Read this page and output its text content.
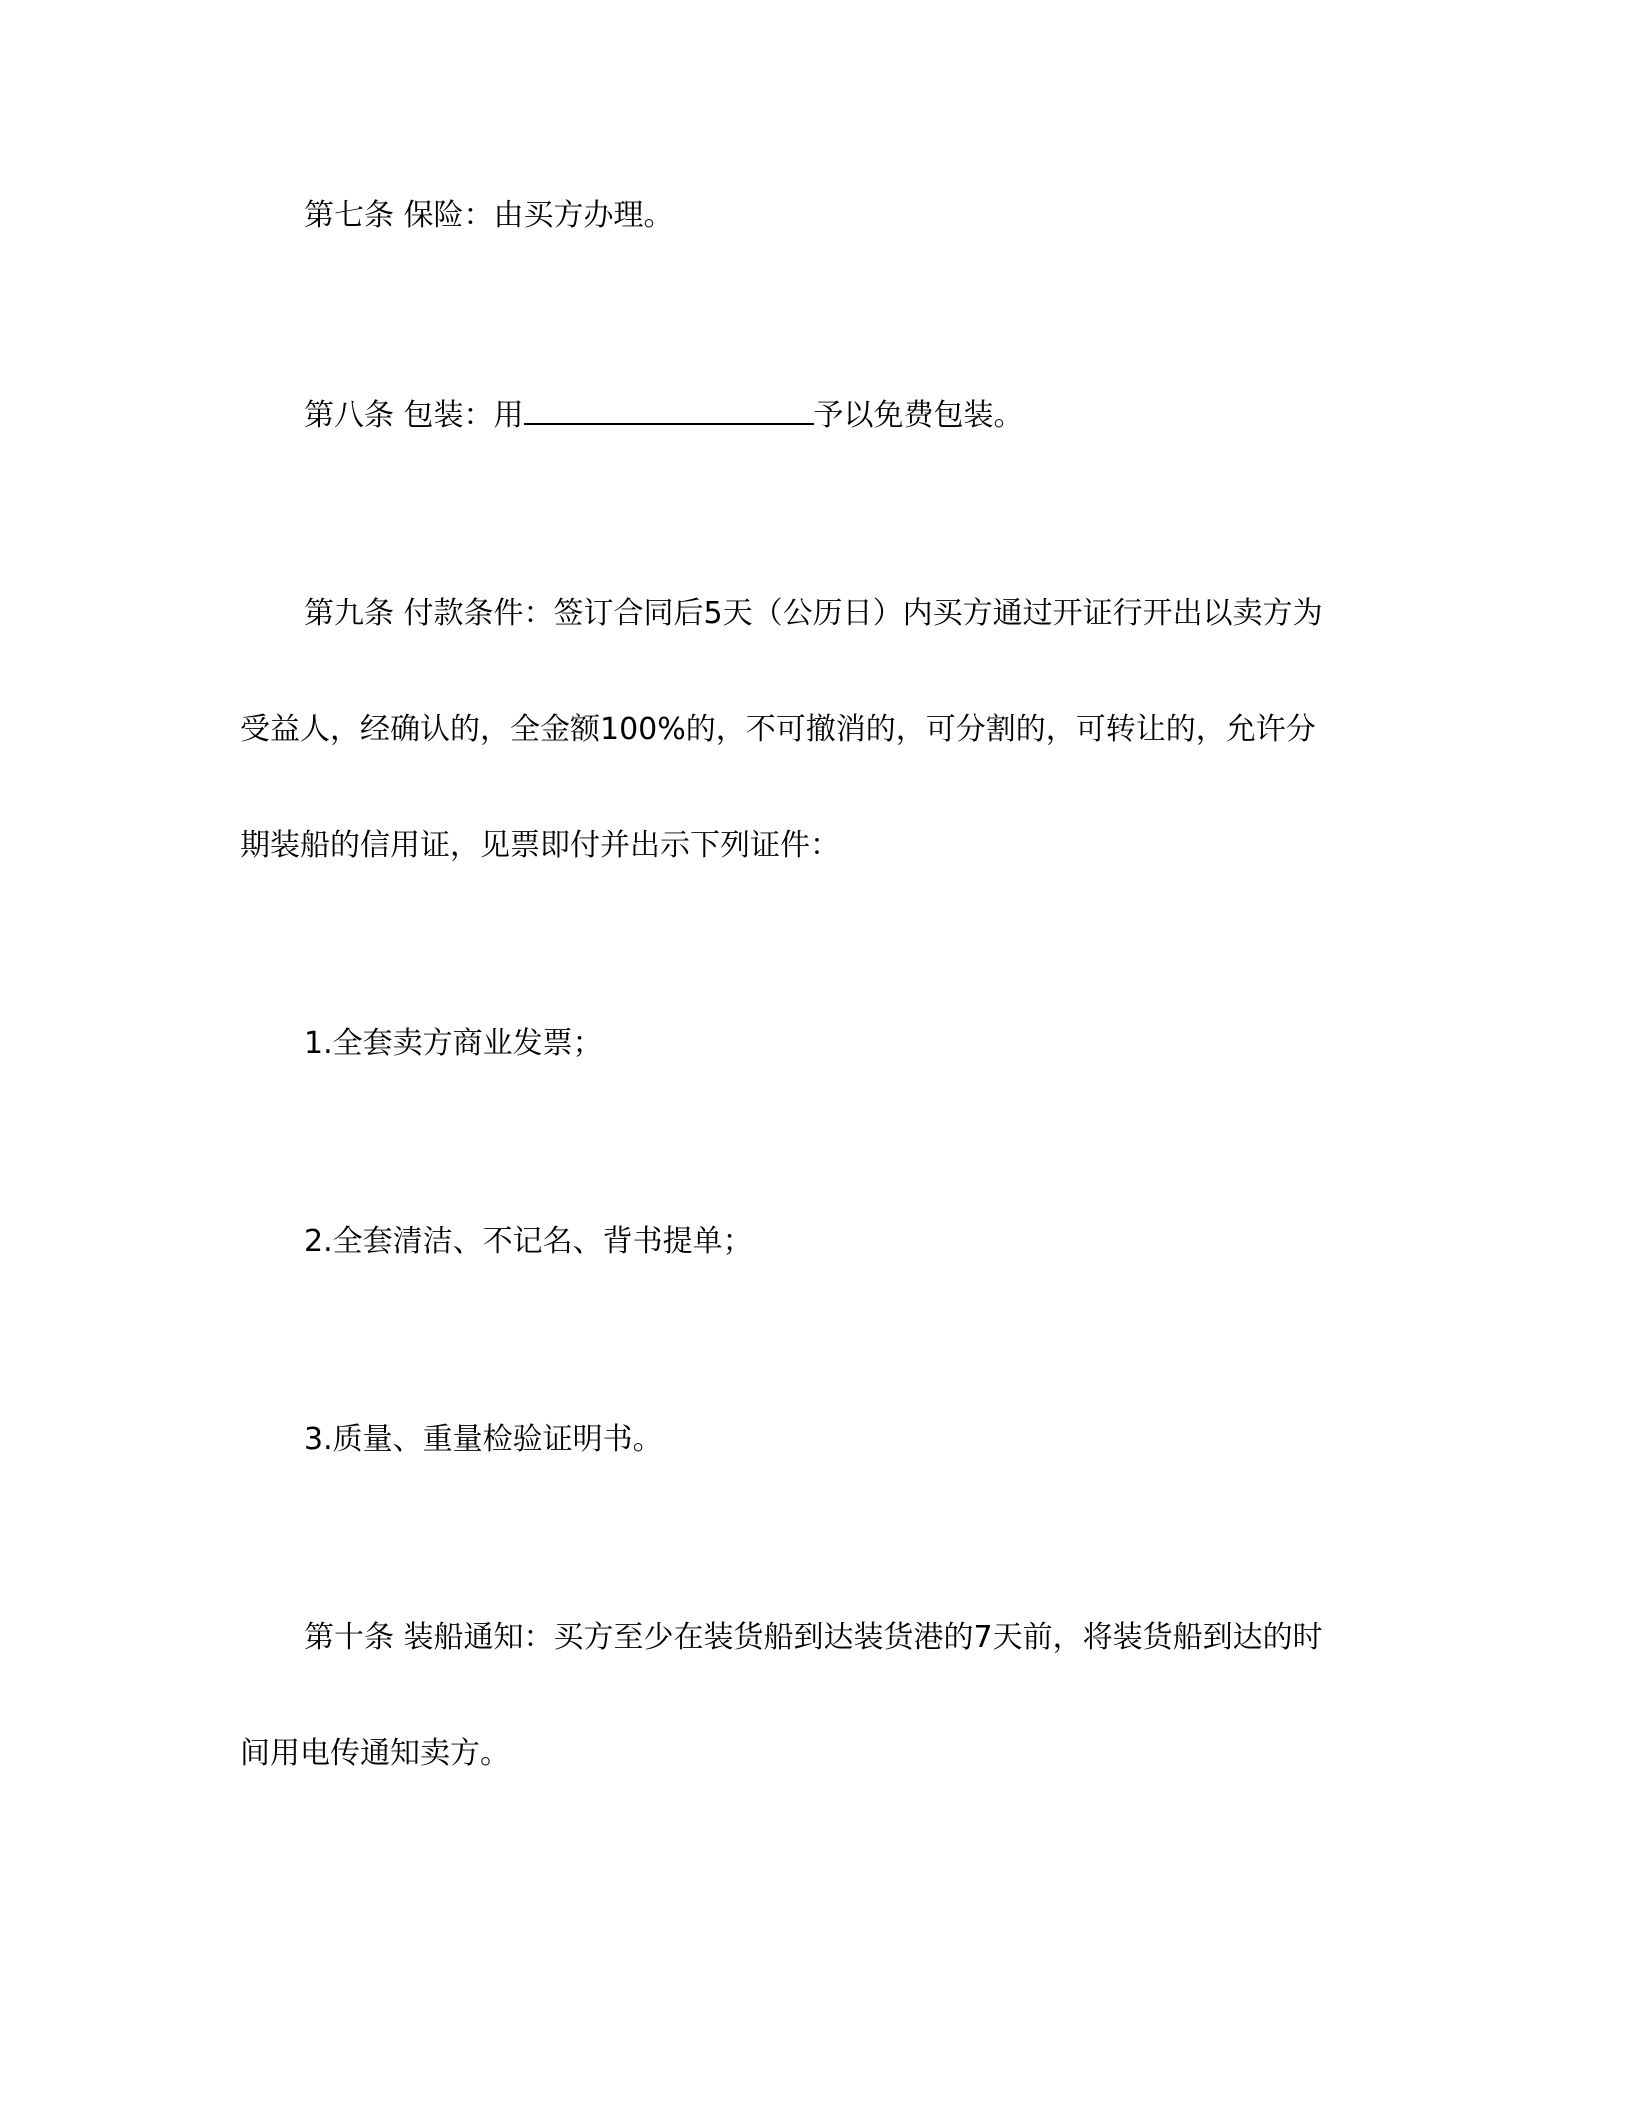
第七条 保险：由买方办理。
第八条 包装：用	予以免费包装。
第九条 付款条件：签订合同后5天（公历日）内买方通过开证行开出以卖方为
受益人，经确认的，全金额100%的，不可撤消的，可分割的，可转让的，允许分
期装船的信用证，见票即付并出示下列证件：
1.全套卖方商业发票；
2.全套清洁、不记名、背书提单；
3.质量、重量检验证明书。
第十条 装船通知：买方至少在装货船到达装货港的7天前，将装货船到达的时
间用电传通知卖方。
